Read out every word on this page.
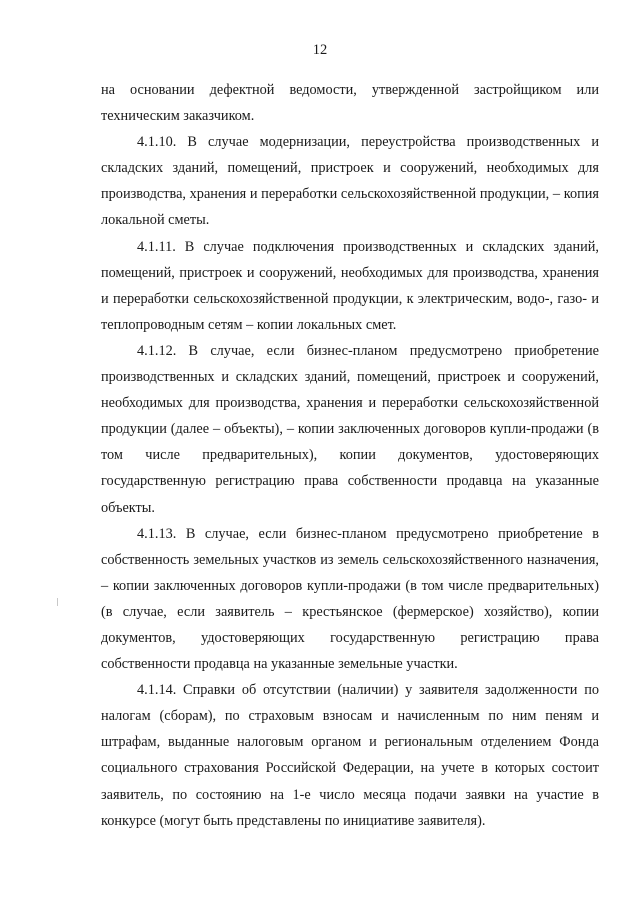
12

на основании дефектной ведомости, утвержденной застройщиком или техническим заказчиком.

4.1.10. В случае модернизации, переустройства производственных и складских зданий, помещений, пристроек и сооружений, необходимых для производства, хранения и переработки сельскохозяйственной продукции, – копия локальной сметы.

4.1.11. В случае подключения производственных и складских зданий, помещений, пристроек и сооружений, необходимых для производства, хранения и переработки сельскохозяйственной продукции, к электрическим, водо-, газо- и теплопроводным сетям – копии локальных смет.

4.1.12. В случае, если бизнес-планом предусмотрено приобретение производственных и складских зданий, помещений, пристроек и сооружений, необходимых для производства, хранения и переработки сельскохозяйственной продукции (далее – объекты), – копии заключенных договоров купли-продажи (в том числе предварительных), копии документов, удостоверяющих государственную регистрацию права собственности продавца на указанные объекты.

4.1.13. В случае, если бизнес-планом предусмотрено приобретение в собственность земельных участков из земель сельскохозяйственного назначения, – копии заключенных договоров купли-продажи (в том числе предварительных) (в случае, если заявитель – крестьянское (фермерское) хозяйство), копии документов, удостоверяющих государственную регистрацию права собственности продавца на указанные земельные участки.

4.1.14. Справки об отсутствии (наличии) у заявителя задолженности по налогам (сборам), по страховым взносам и начисленным по ним пеням и штрафам, выданные налоговым органом и региональным отделением Фонда социального страхования Российской Федерации, на учете в которых состоит заявитель, по состоянию на 1-е число месяца подачи заявки на участие в конкурсе (могут быть представлены по инициативе заявителя).
